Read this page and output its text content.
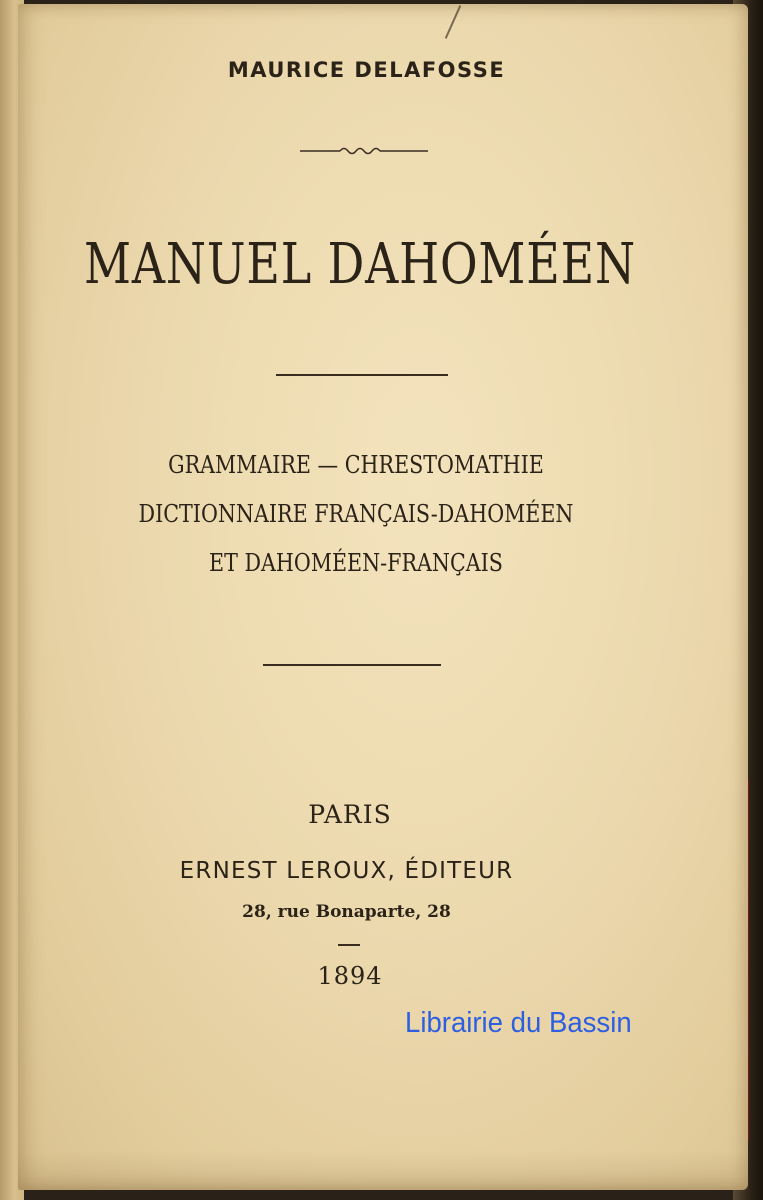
MAURICE DELAFOSSE
MANUEL DAHOMÉEN
GRAMMAIRE — CHRESTOMATHIE
DICTIONNAIRE FRANÇAIS-DAHOMÉEN
ET DAHOMÉEN-FRANÇAIS
PARIS
ERNEST LEROUX, ÉDITEUR
28, rue Bonaparte, 28
1894
Librairie du Bassin
